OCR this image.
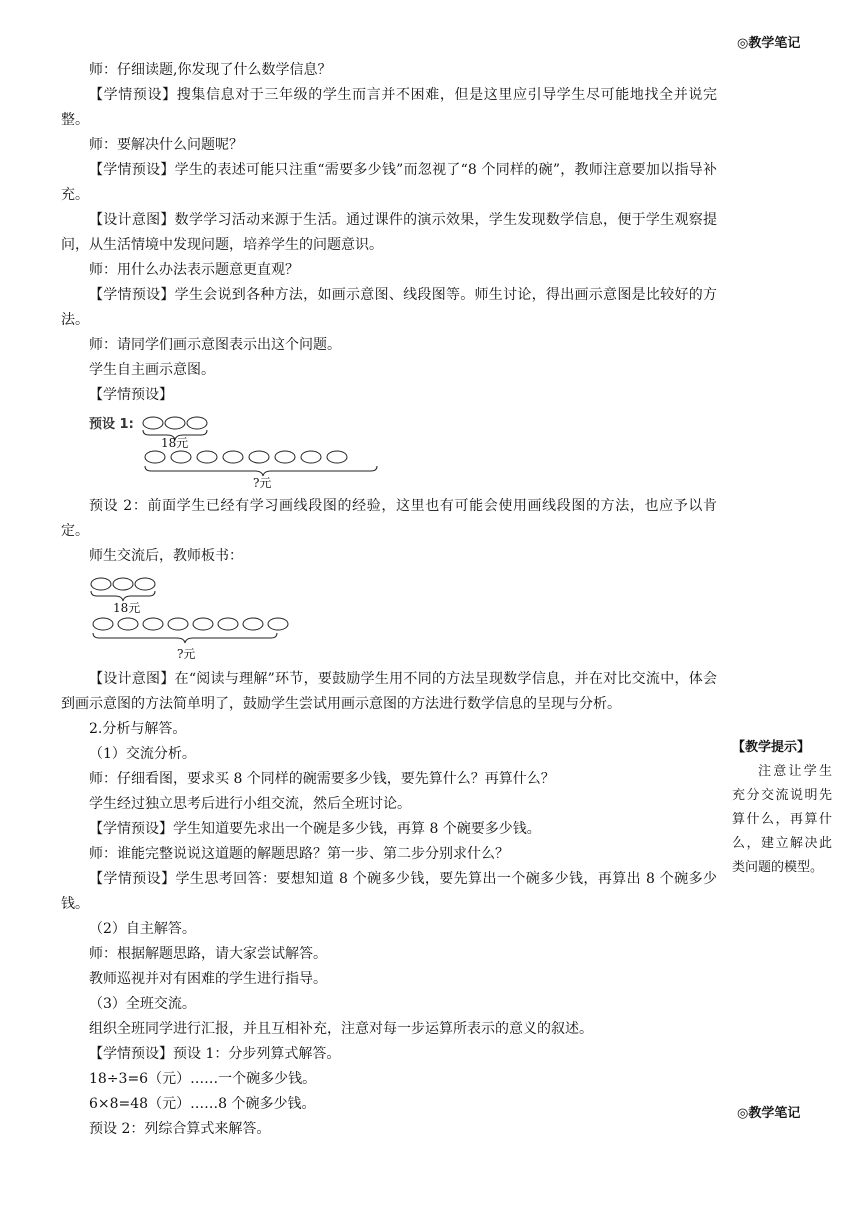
◎教学笔记

师：仔细读题,你发现了什么数学信息？

【学情预设】搜集信息对于三年级的学生而言并不困难，但是这里应引导学生尽可能地找全并说完整。

师：要解决什么问题呢？

【学情预设】学生的表述可能只注重“需要多少钱”而忽视了“8 个同样的碗”，教师注意要加以指导补充。

【设计意图】数学学习活动来源于生活。通过课件的演示效果，学生发现数学信息，便于学生观察提问，从生活情境中发现问题，培养学生的问题意识。

师：用什么办法表示题意更直观？

【学情预设】学生会说到各种方法，如画示意图、线段图等。师生讨论，得出画示意图是比较好的方法。

师：请同学们画示意图表示出这个问题。

学生自主画示意图。

【学情预设】

预设 1:
18元
?元

预设 2：前面学生已经有学习画线段图的经验，这里也有可能会使用画线段图的方法，也应予以肯定。

师生交流后，教师板书：

18元
?元

【设计意图】在“阅读与理解”环节，要鼓励学生用不同的方法呈现数学信息，并在对比交流中，体会到画示意图的方法简单明了，鼓励学生尝试用画示意图的方法进行数学信息的呈现与分析。

2.分析与解答。

（1）交流分析。

师：仔细看图，要求买 8 个同样的碗需要多少钱，要先算什么？再算什么？

学生经过独立思考后进行小组交流，然后全班讨论。

【学情预设】学生知道要先求出一个碗是多少钱，再算 8 个碗要多少钱。

师：谁能完整说说这道题的解题思路？第一步、第二步分别求什么？

【学情预设】学生思考回答：要想知道 8 个碗多少钱，要先算出一个碗多少钱，再算出 8 个碗多少钱。

（2）自主解答。

师：根据解题思路，请大家尝试解答。

教师巡视并对有困难的学生进行指导。

（3）全班交流。

组织全班同学进行汇报，并且互相补充，注意对每一步运算所表示的意义的叙述。

【学情预设】预设 1：分步列算式解答。

18÷3=6（元）……一个碗多少钱。

6×8=48（元）……8 个碗多少钱。

预设 2：列综合算式来解答。

【教学提示】
注意让学生充分交流说明先算什么，再算什么，建立解决此类问题的模型。
◎教学笔记
